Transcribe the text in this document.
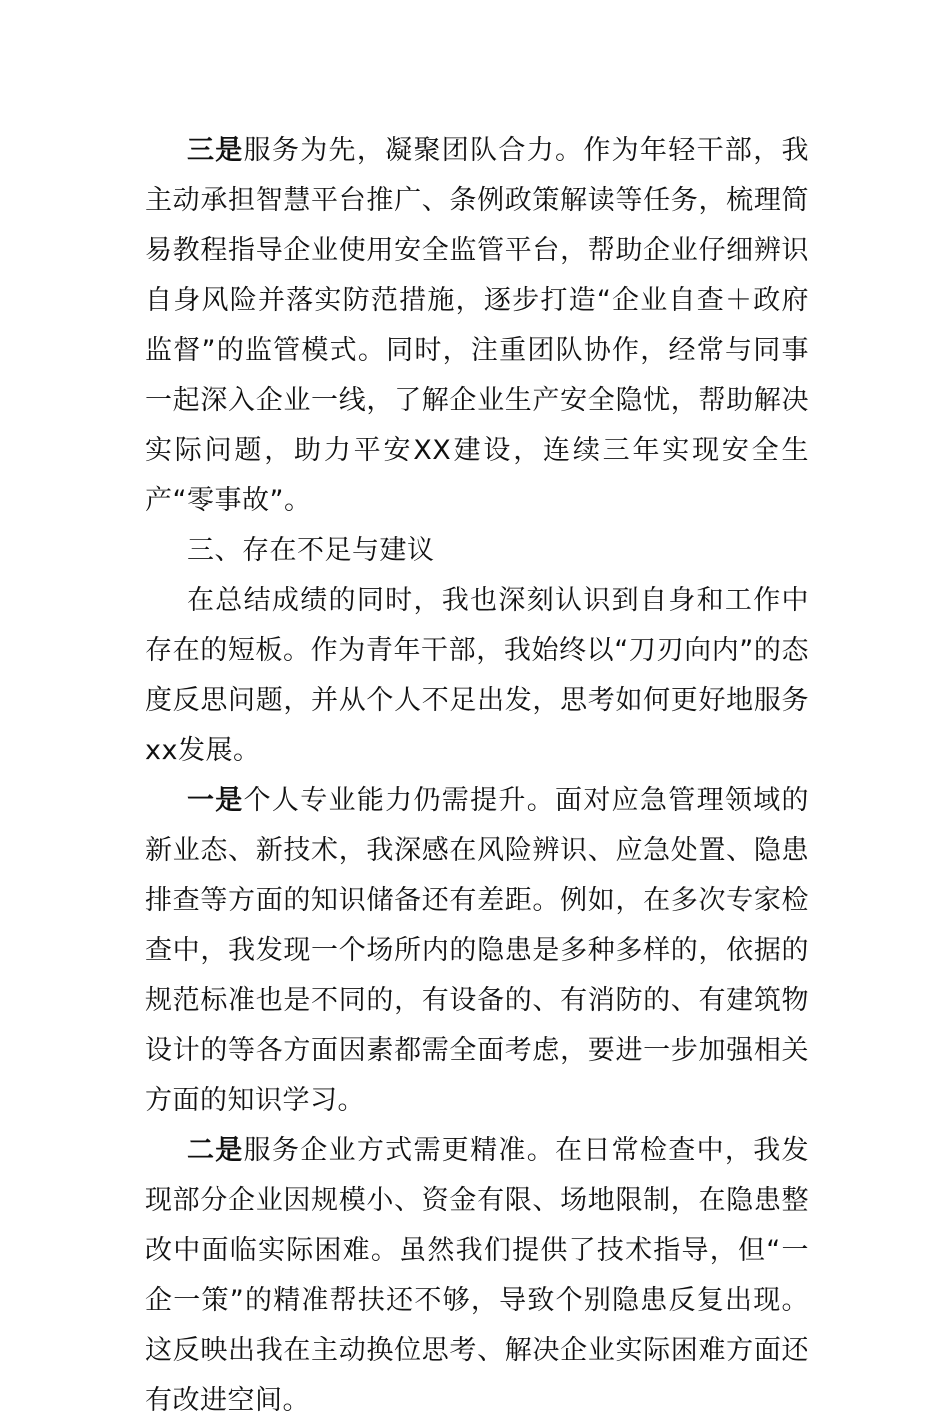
三是服务为先，凝聚团队合力。作为年轻干部，我主动承担智慧平台推广、条例政策解读等任务，梳理简易教程指导企业使用安全监管平台，帮助企业仔细辨识自身风险并落实防范措施，逐步打造“企业自查＋政府监督”的监管模式。同时，注重团队协作，经常与同事一起深入企业一线，了解企业生产安全隐忧，帮助解决实际问题，助力平安XX建设，连续三年实现安全生产“零事故”。

三、存在不足与建议

在总结成绩的同时，我也深刻认识到自身和工作中存在的短板。作为青年干部，我始终以“刀刃向内”的态度反思问题，并从个人不足出发，思考如何更好地服务xx发展。

一是个人专业能力仍需提升。面对应急管理领域的新业态、新技术，我深感在风险辨识、应急处置、隐患排查等方面的知识储备还有差距。例如，在多次专家检查中，我发现一个场所内的隐患是多种多样的，依据的规范标准也是不同的，有设备的、有消防的、有建筑物设计的等各方面因素都需全面考虑，要进一步加强相关方面的知识学习。

二是服务企业方式需更精准。在日常检查中，我发现部分企业因规模小、资金有限、场地限制，在隐患整改中面临实际困难。虽然我们提供了技术指导，但“一企一策”的精准帮扶还不够，导致个别隐患反复出现。这反映出我在主动换位思考、解决企业实际困难方面还有改进空间。
